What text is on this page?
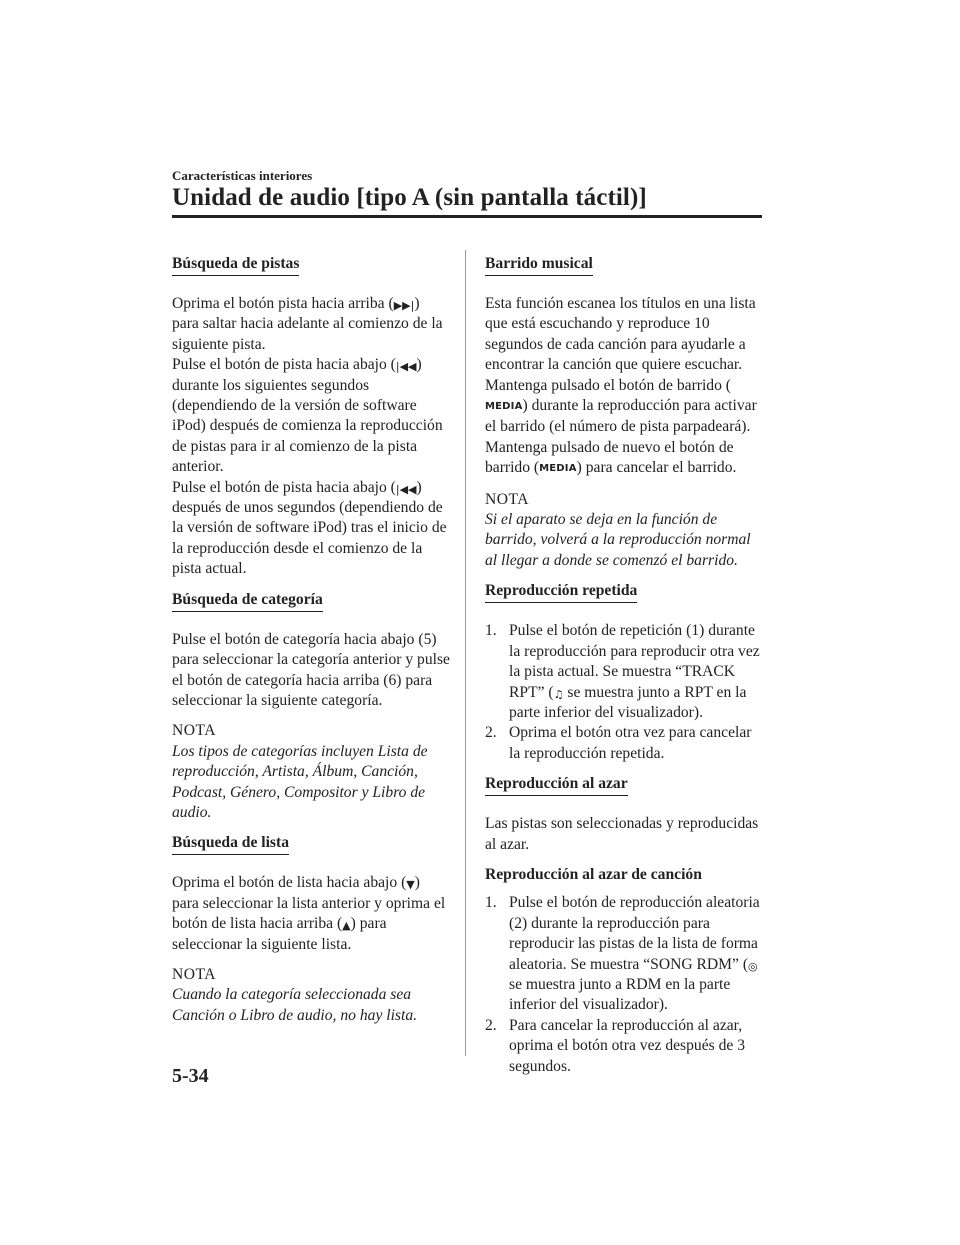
Características interiores
Unidad de audio [tipo A (sin pantalla táctil)]
Búsqueda de pistas

Oprima el botón pista hacia arriba (▶▶|) para saltar hacia adelante al comienzo de la siguiente pista.

Pulse el botón de pista hacia abajo (|◀◀) durante los siguientes segundos (dependiendo de la versión de software iPod) después de comienza la reproducción de pistas para ir al comienzo de la pista anterior.

Pulse el botón de pista hacia abajo (|◀◀) después de unos segundos (dependiendo de la versión de software iPod) tras el inicio de la reproducción desde el comienzo de la pista actual.

Búsqueda de categoría

Pulse el botón de categoría hacia abajo (5) para seleccionar la categoría anterior y pulse el botón de categoría hacia arriba (6) para seleccionar la siguiente categoría.

NOTA

Los tipos de categorías incluyen Lista de reproducción, Artista, Álbum, Canción, Podcast, Género, Compositor y Libro de audio.

Búsqueda de lista

Oprima el botón de lista hacia abajo (▼) para seleccionar la lista anterior y oprima el botón de lista hacia arriba (▲) para seleccionar la siguiente lista.

NOTA

Cuando la categoría seleccionada sea Canción o Libro de audio, no hay lista.

Barrido musical

Esta función escanea los títulos en una lista que está escuchando y reproduce 10 segundos de cada canción para ayudarle a encontrar la canción que quiere escuchar.

Mantenga pulsado el botón de barrido (MEDIA) durante la reproducción para activar el barrido (el número de pista parpadeará). Mantenga pulsado de nuevo el botón de barrido (MEDIA) para cancelar el barrido.

NOTA

Si el aparato se deja en la función de barrido, volverá a la reproducción normal al llegar a donde se comenzó el barrido.

Reproducción repetida
1. Pulse el botón de repetición (1) durante la reproducción para reproducir otra vez la pista actual. Se muestra “TRACK RPT” (♫ se muestra junto a RPT en la parte inferior del visualizador).
2. Oprima el botón otra vez para cancelar la reproducción repetida.
Reproducción al azar

Las pistas son seleccionadas y reproducidas al azar.

Reproducción al azar de canción

1. Pulse el botón de reproducción aleatoria (2) durante la reproducción para reproducir las pistas de la lista de forma aleatoria. Se muestra “SONG RDM” (◎ se muestra junto a RDM en la parte inferior del visualizador).
2. Para cancelar la reproducción al azar, oprima el botón otra vez después de 3 segundos.
5-34
